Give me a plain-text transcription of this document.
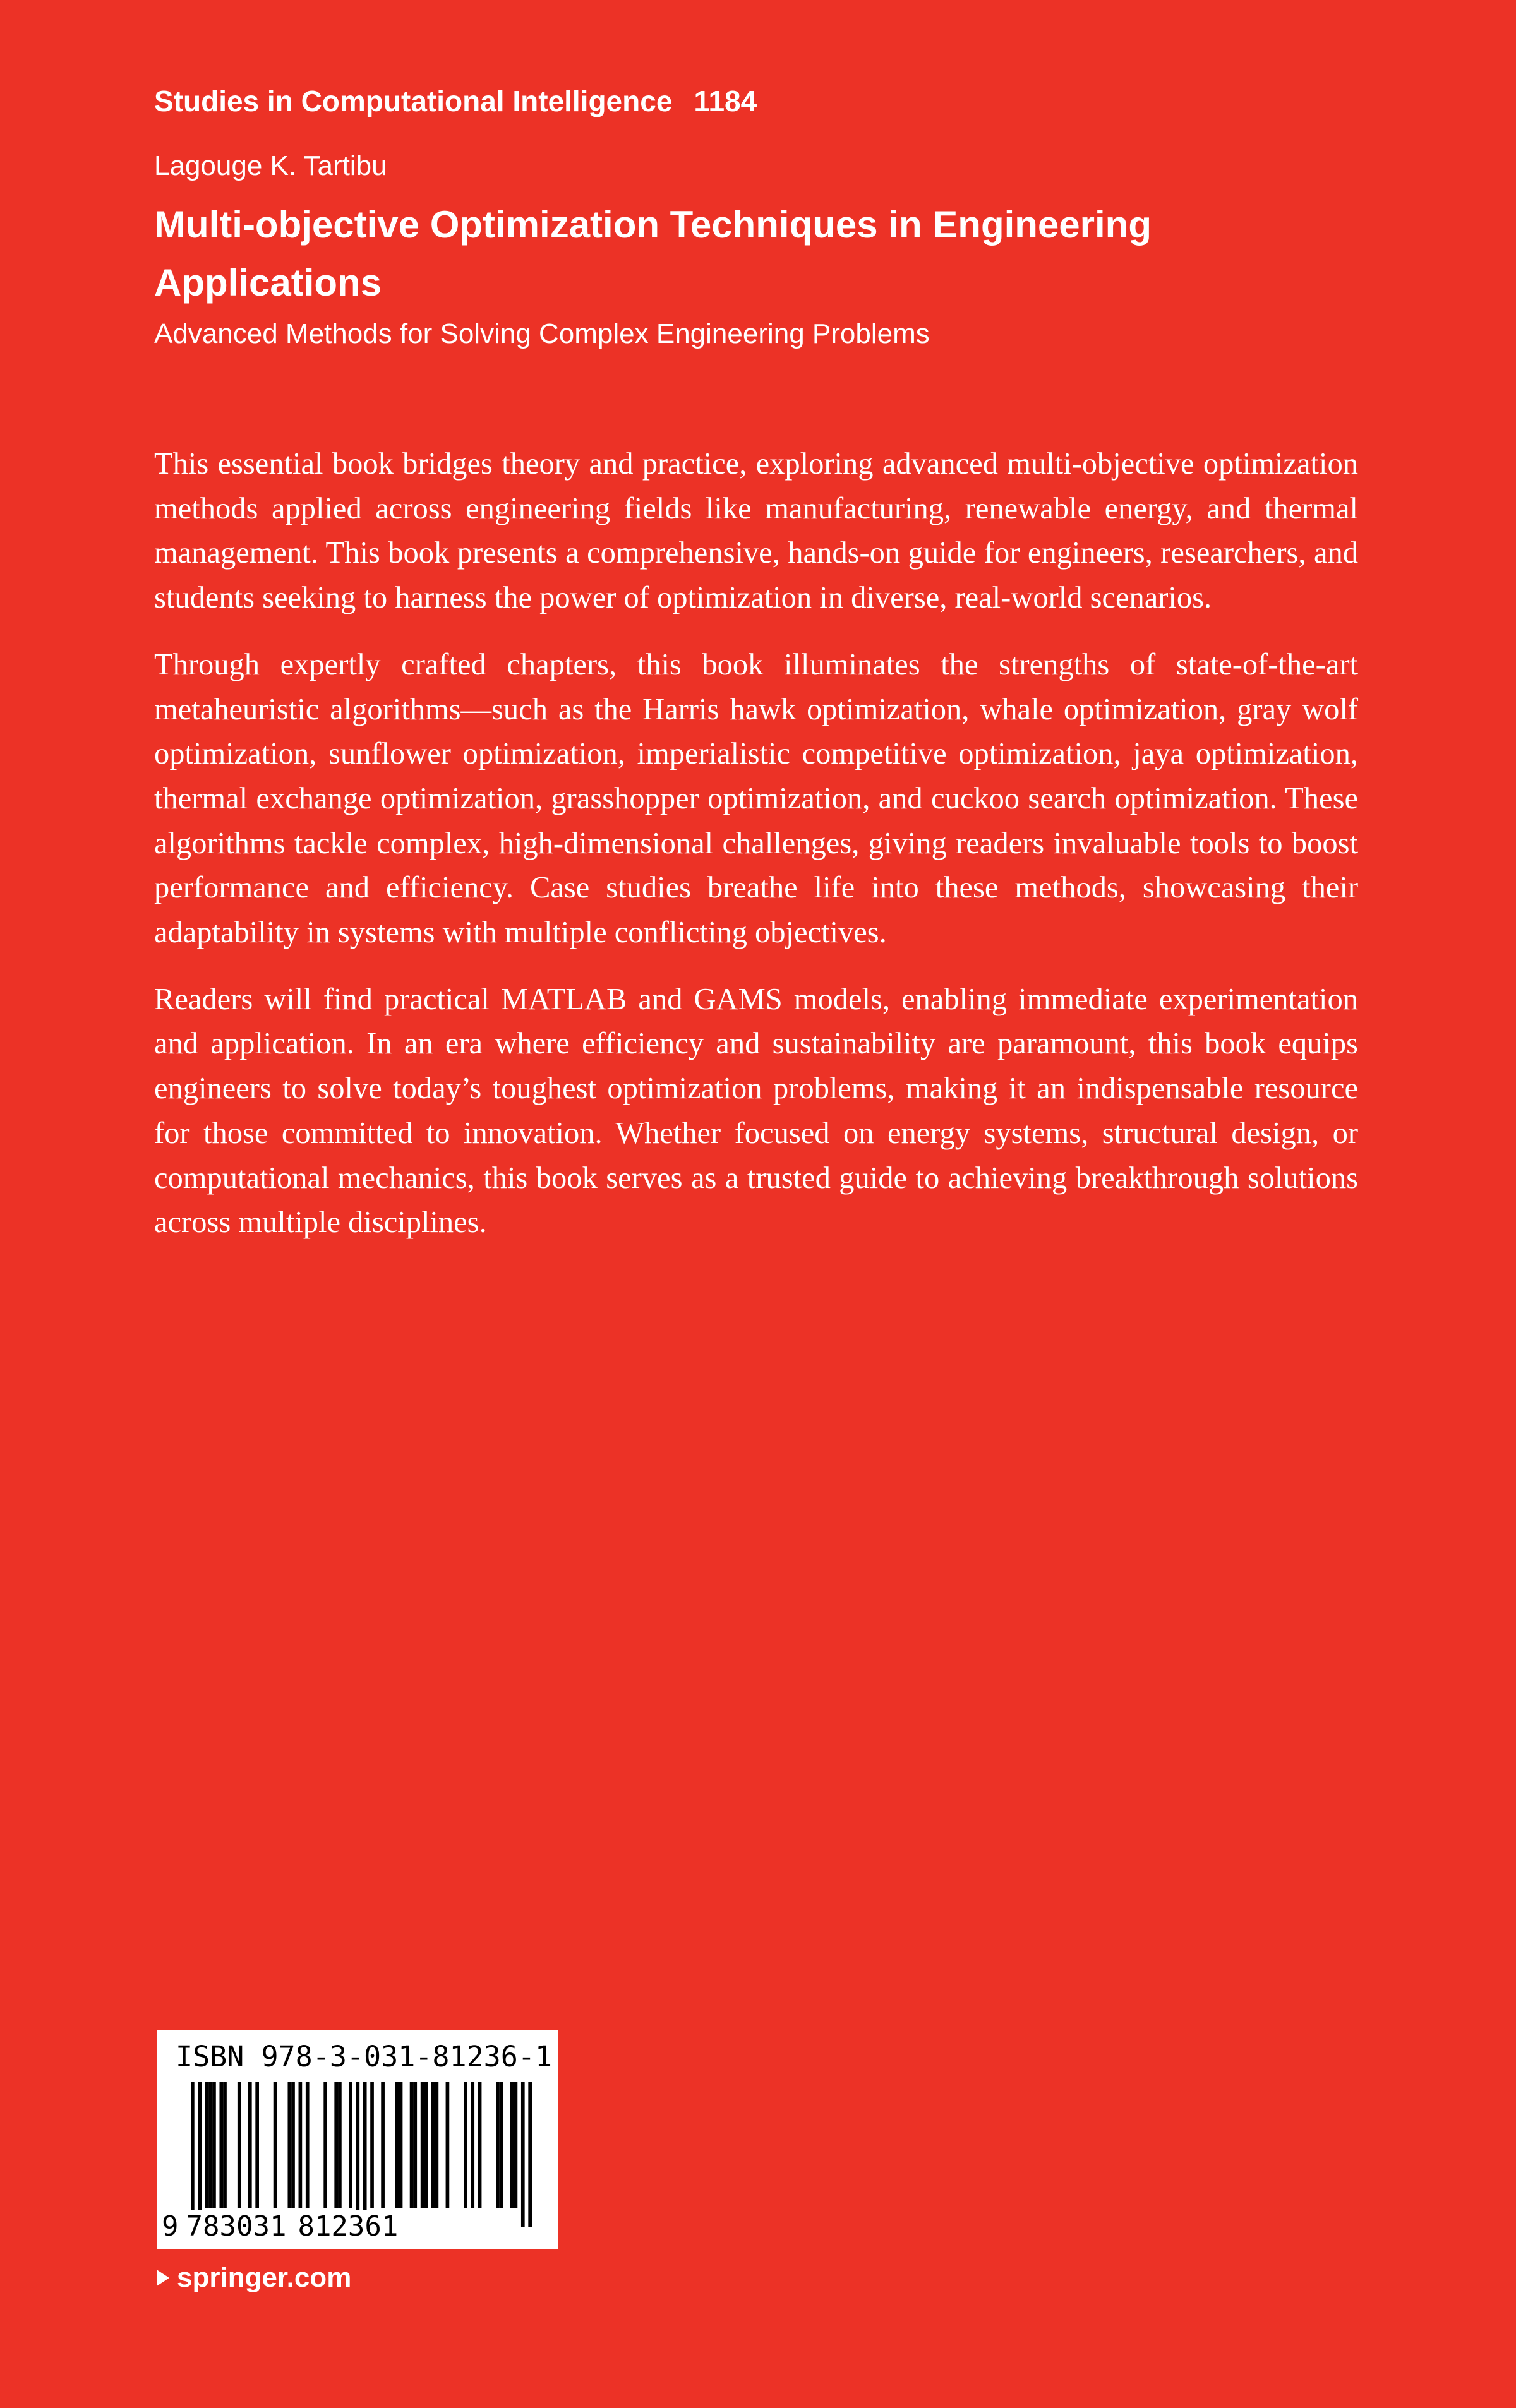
Studies in Computational Intelligence 1184
Lagouge K. Tartibu
Multi-objective Optimization Techniques in Engineering Applications
Advanced Methods for Solving Complex Engineering Problems

This essential book bridges theory and practice, exploring advanced multi-objective optimization methods applied across engineering fields like manufacturing, renewable energy, and thermal management. This book presents a comprehensive, hands-on guide for engineers, researchers, and students seeking to harness the power of optimization in diverse, real-world scenarios.

Through expertly crafted chapters, this book illuminates the strengths of state-of-the-art metaheuristic algorithms—such as the Harris hawk optimization, whale optimization, gray wolf optimization, sunflower optimization, imperialistic competitive optimization, jaya optimization, thermal exchange optimization, grasshopper optimization, and cuckoo search optimization. These algorithms tackle complex, high-dimensional challenges, giving readers invaluable tools to boost performance and efficiency. Case studies breathe life into these methods, showcasing their adaptability in systems with multiple conflicting objectives.

Readers will find practical MATLAB and GAMS models, enabling immediate experimentation and application. In an era where efficiency and sustainability are paramount, this book equips engineers to solve today’s toughest optimization problems, making it an indispensable resource for those committed to innovation. Whether focused on energy systems, structural design, or computational mechanics, this book serves as a trusted guide to achieving breakthrough solutions across multiple disciplines.

ISBN 978-3-031-81236-1
9 783031 812361
springer.com
